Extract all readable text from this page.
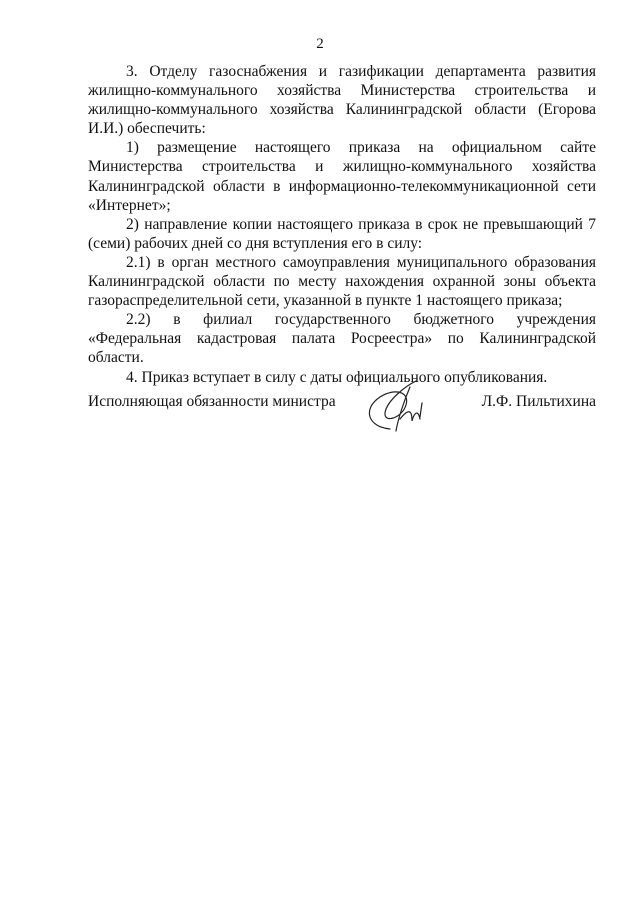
2

3. Отделу газоснабжения и газификации департамента развития жилищно-коммунального хозяйства Министерства строительства и жилищно-коммунального хозяйства Калининградской области (Егорова И.И.) обеспечить:

1) размещение настоящего приказа на официальном сайте Министерства строительства и жилищно-коммунального хозяйства Калининградской области в информационно-телекоммуникационной сети «Интернет»;

2) направление копии настоящего приказа в срок не превышающий 7 (семи) рабочих дней со дня вступления его в силу:

2.1) в орган местного самоуправления муниципального образования Калининградской области по месту нахождения охранной зоны объекта газораспределительной сети, указанной в пункте 1 настоящего приказа;

2.2) в филиал государственного бюджетного учреждения «Федеральная кадастровая палата Росреестра» по Калининградской области.

4. Приказ вступает в силу с даты официального опубликования.

Исполняющая обязанности министра	Л.Ф. Пильтихина
